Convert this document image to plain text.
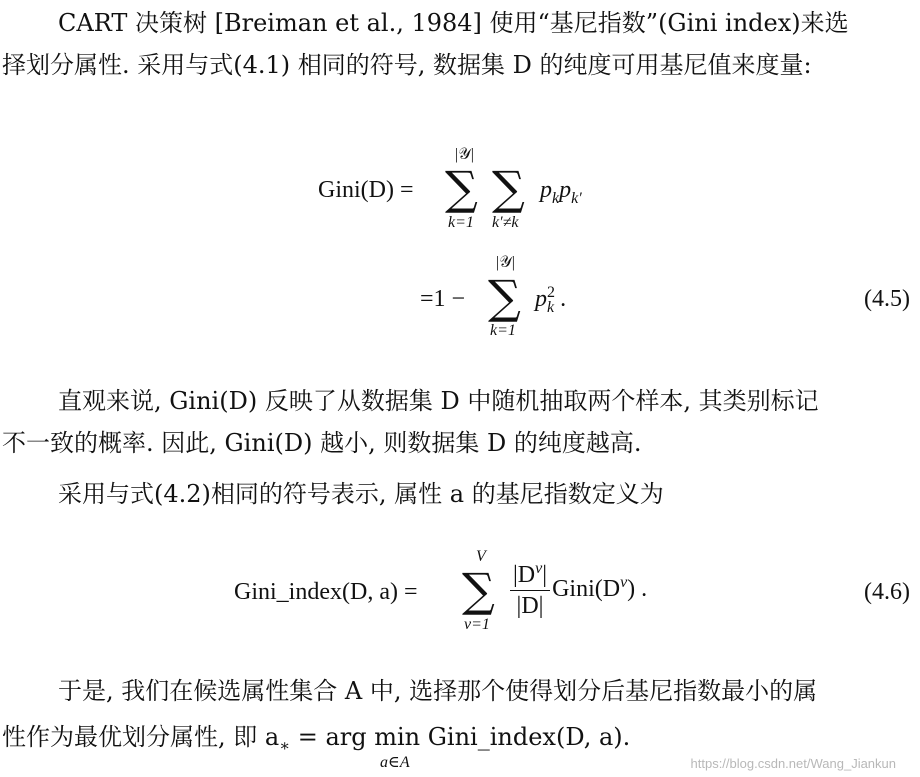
CART 决策树 [Breiman et al., 1984] 使用“基尼指数”(Gini index)来选
择划分属性. 采用与式(4.1) 相同的符号, 数据集 D 的纯度可用基尼值来度量:
Gini(D) =
|𝒴|
∑
k=1
∑
k′≠k
$p_kp_{k'}$
=1 −
|𝒴|
∑
k=1
$p^2_k$ .	(4.5)
直观来说, Gini(D) 反映了从数据集 D 中随机抽取两个样本, 其类别标记
不一致的概率. 因此, Gini(D) 越小, 则数据集 D 的纯度越高.
采用与式(4.2)相同的符号表示, 属性 a 的基尼指数定义为
Gini_index(D, a) =
V
∑
v=1
$\frac{|D^v|}{|D|}$ $Gini(D^v)$ .	(4.6)
于是, 我们在候选属性集合 A 中, 选择那个使得划分后基尼指数最小的属
性作为最优划分属性, 即 $a_∗$ = arg min Gini_index(D, a).
a∈A	https://blog.csdn.net/Wang_Jiankun
